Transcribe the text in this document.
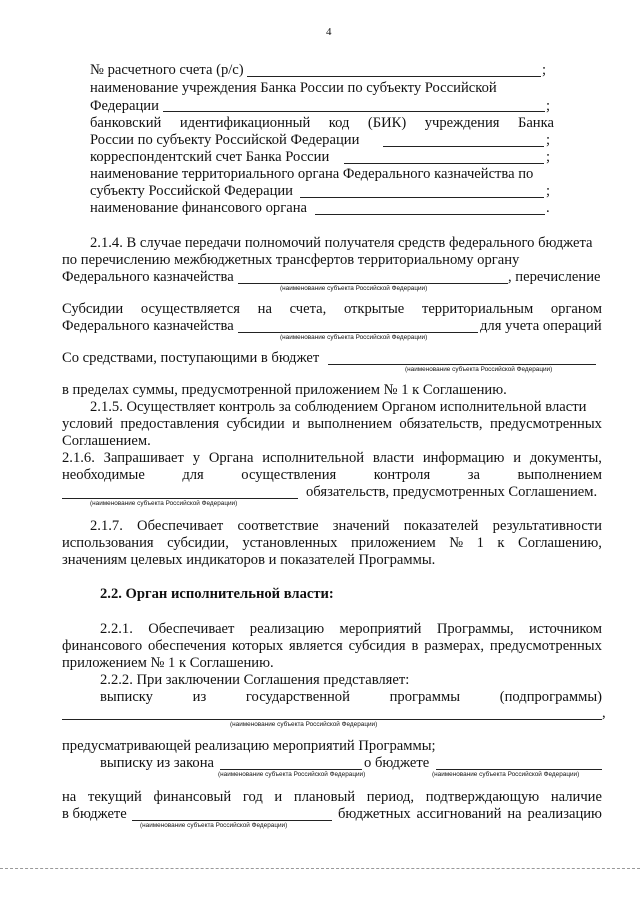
4
№ расчетного счета (р/с)	;
наименование учреждения Банка России по субъекту Российской
Федерации	;
банковский идентификационный код (БИК) учреждения Банка
России по субъекту Российской Федерации	;
корреспондентский счет Банка России	;
наименование территориального органа Федерального казначейства по
субъекту Российской Федерации	;
наименование финансового органа	.
2.1.4. В случае передачи полномочий получателя средств федерального бюджета
по перечислению межбюджетных трансфертов территориальному органу
Федерального казначейства	, перечисление
(наименование субъекта Российской Федерации)
Субсидии осуществляется на счета, открытые территориальным органом
Федерального казначейства	для учета операций
(наименование субъекта Российской Федерации)
Со средствами, поступающими в бюджет
(наименование субъекта Российской Федерации)
в пределах суммы, предусмотренной приложением № 1 к Соглашению.
2.1.5. Осуществляет контроль за соблюдением Органом исполнительной власти
условий предоставления субсидии и выполнением обязательств, предусмотренных
Соглашением.
2.1.6. Запрашивает у Органа исполнительной власти информацию и документы,
необходимые	для	осуществления	контроля	за	выполнением
обязательств, предусмотренных Соглашением.
(наименование субъекта Российской Федерации)
2.1.7. Обеспечивает соответствие значений показателей результативности
использования субсидии, установленных приложением № 1 к Соглашению,
значениям целевых индикаторов и показателей Программы.
2.2. Орган исполнительной власти:
2.2.1. Обеспечивает реализацию мероприятий Программы, источником
финансового обеспечения которых является субсидия в размерах, предусмотренных
приложением № 1 к Соглашению.
2.2.2. При заключении Соглашения представляет:
выписку	из	государственной	программы	(подпрограммы)
,
(наименование субъекта Российской Федерации)
предусматривающей реализацию мероприятий Программы;
выписку из закона	о бюджете
(наименование субъекта Российской Федерации)	(наименование субъекта Российской Федерации)
на текущий финансовый год и плановый период, подтверждающую наличие
в бюджете	бюджетных ассигнований на реализацию
(наименование субъекта Российской Федерации)
